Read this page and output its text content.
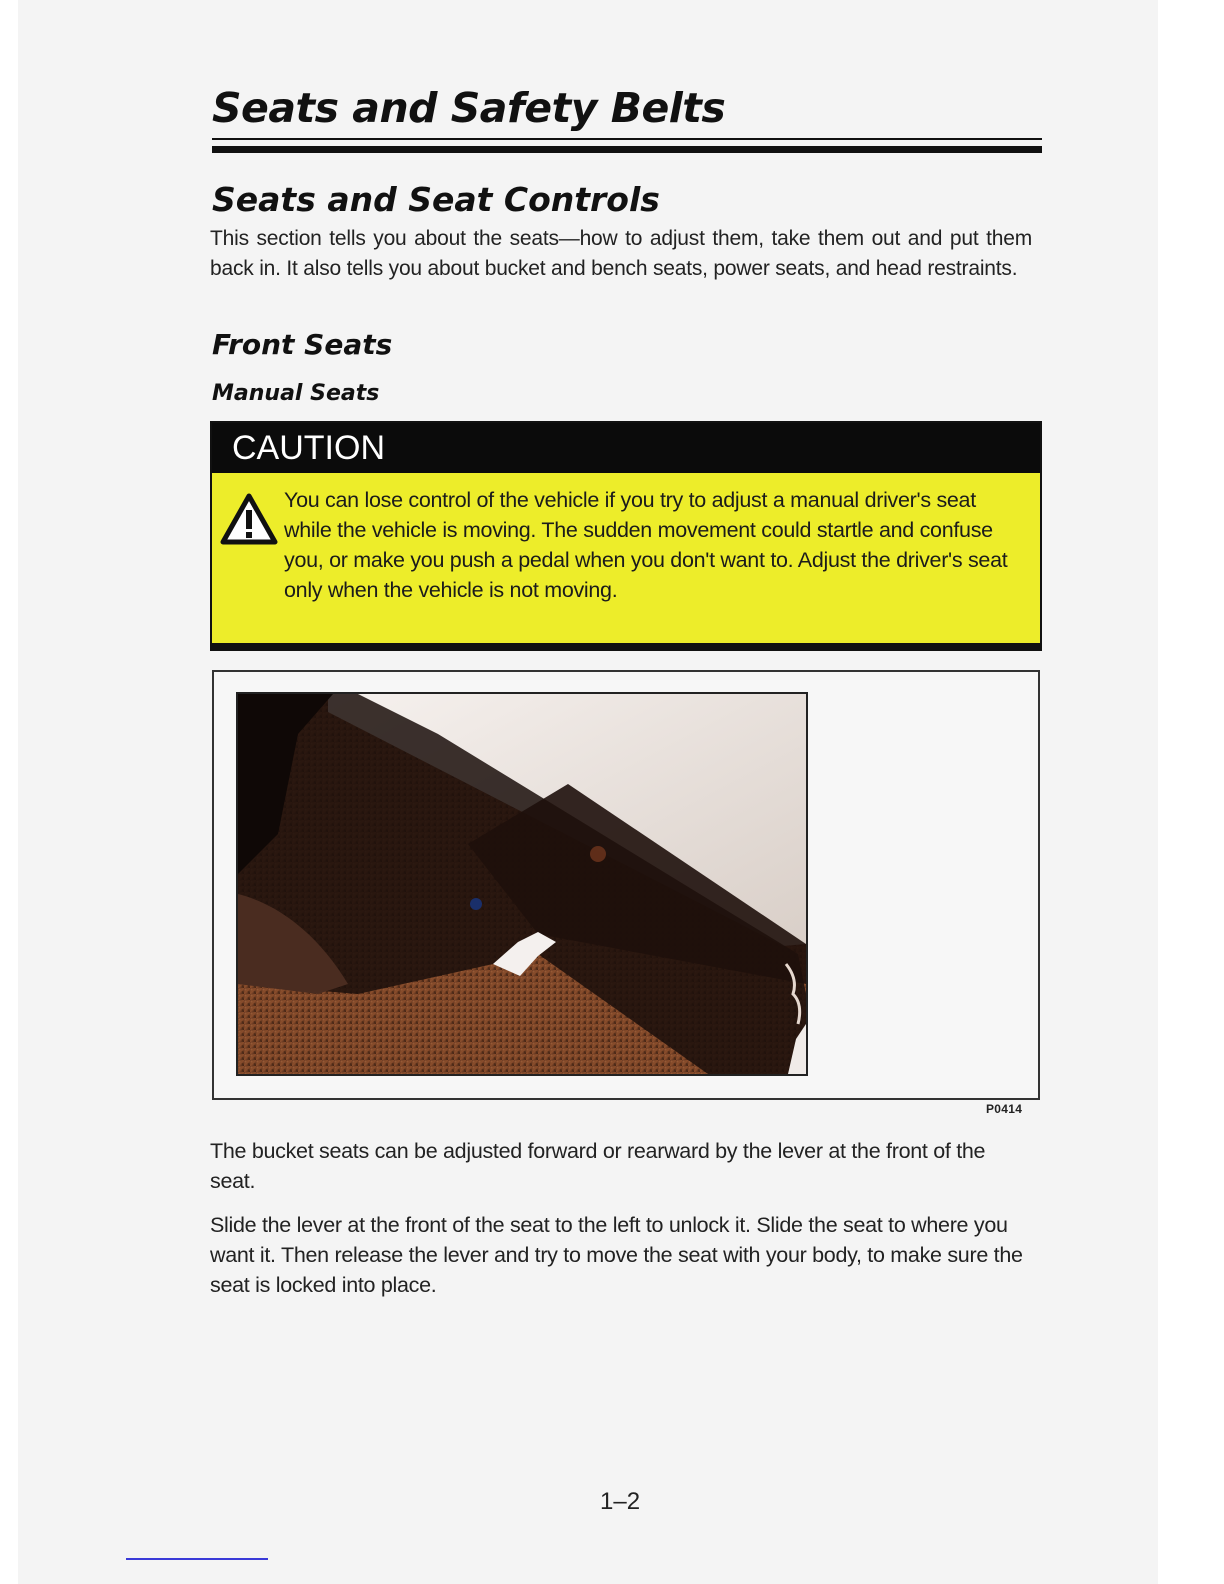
Seats and Safety Belts
Seats and Seat Controls
This section tells you about the seats—how to adjust them, take them out and put them back in. It also tells you about bucket and bench seats, power seats, and head restraints.
Front Seats
Manual Seats
CAUTION
You can lose control of the vehicle if you try to adjust a manual driver's seat while the vehicle is moving. The sudden movement could startle and confuse you, or make you push a pedal when you don't want to. Adjust the driver's seat only when the vehicle is not moving.
P0414
The bucket seats can be adjusted forward or rearward by the lever at the front of the seat.
Slide the lever at the front of the seat to the left to unlock it. Slide the seat to where you want it. Then release the lever and try to move the seat with your body, to make sure the seat is locked into place.
1–2
